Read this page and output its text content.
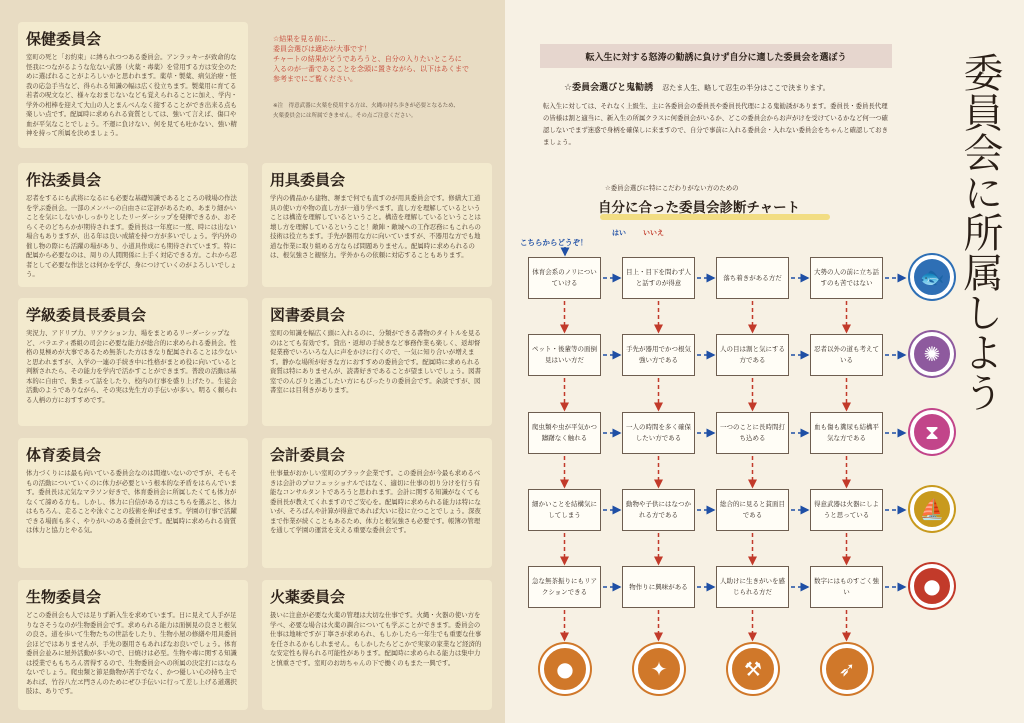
保健委員会

室町の死と「お約束」に縛られつつある委員会。アンラッキーが致命的な怪我につながるような危ない武器（火薬・毒薬）を常用する方は安全のために選ばれることがよろしいかと思われます。薬草・製薬、病気治療・怪我の応急手当など、得られる知識の幅は広く役立ちます。製薬用に育てる若者の呪文など、様々なおまじないなども覚えられることに加え、学内・学外の相棒を迎えて大山の人とまんべんなく接することができ出来る点も楽しい点です。配属時に求められる資質としては、強いて言えば、傷口や血が平気なことでしょう。不運に負けない、何を見ても吐かない、強い精神を持って所属を決めましょう。

作法委員会

忍者をするにも武将になるにも必要な基礎知識であるところの戦場の作法を学ぶ委員会。一部のメンバーの自由さに定評があるため、あまり細かいことを気にしないかしっかりとしたリーダーシップを発揮できるか、おそらくそのどちらかが期待されます。委員長は一年度に一度、時には出ない場合もありますが、出る年は良い成績を持つ方が多いでしょう。学内外の催し物の際にも活躍の場があり、小道具作成にも期待されています。特に配属から必要なのは、周りの人間関係に上手く対応できる方。これから忍者として必要な作法とは何かを学び、身につけていくのがよろしいでしょう。

学級委員長委員会

実況力、アドリブ力、リアクション力、場をまとめるリーダーシップなど、バラエティ番組の司会に必要な能力が総合的に求められる委員会。性格の見極めが大事であるため無茶した方はきなり配属されることは少ないと思われますが、入学の一連の手続き中に性格がまとめ役に向いていると判断されたら、その能力を学内で活かすことができます。普段の活動は基本的に自由で、集まって話をしたり、校内の行事を盛り上げたり。生徒会活動のようでありながら、その実は先生方の手伝いが多い。明るく頼られる人柄の方におすすめです。

体育委員会

体力づくりには最も向いている委員会なのは間違いないのですが、そもそもの活動についていくのに体力が必要という根本的な矛盾をはらんでいます。委員長は元気なマラソン好きで、体育委員会に所属したくても体力がなくて諦める方も。しかし、体力に自信がある方はこちらを選ぶと、体力はもちろん、走ることや泳ぐことの技術を伸ばせます。学園の行事で活躍できる場面も多く、やりがいのある委員会です。配属時に求められる資質は体力と協力とやる気。

生物委員会

どこの委員会も人では足りず新入生を求めています。日に見えて人手が足りなさそうなのが生物委員会です。求められる能力は面倒見の良さと根気の良さ。道を歩いて生物たちの世話をしたり、生物小屋の修繕や用具委員会ほどではありませんが、手先の器用さもあればなお良いでしょう。体育委員会並みに屋外活動が多いので、日焼けは必至。生物や毒に関する知識は授業でももちろん習得するので、生物委員会への所属の決定打にはならないでしょう。爬虫類と節足動物が苦手でなく、かつ優しい心の持ち主であれば、竹谷八左ヱ門さんのためにぜひ手伝いに行って差し上げる道選択肢は、ありです。

用具委員会

学内の備品から建物、塀まで何でも直すのが用具委員会です。修繕大工道具の使い方や物の直し方が一通り学べます。直し方を理解しているということは構造を理解しているということ。構造を理解しているということは壊し方を理解しているということ！敵陣・敵城への工作忍務にもこれらの技術は役立ちます。手先が器用な方に向いていますが、不器用な方でも地道な作業に取り組める方ならば問題ありません。配属時に求められるのは、根気強さと観察力。学外からの依頼に対応することもあります。

図書委員会

室町の知識を幅広く頭に入れるのに、分類ができる書物のタイトルを見るのはとても有効です。貸出・返却の手続きなど事務作業も楽しく、返却督促業務でいろいろな人に声をかけに行くので、一気に知り合いが増えます。静かな場所が好きな方におすすめの委員会です。配属時に求められる資質は特にありませんが、読書好きであることが望ましいでしょう。図書室でのんびりと過ごしたい方にもぴったりの委員会です。余談ですが、図書室には目利きがあります。

会計委員会

仕事量がおかしい室町のブラック企業です。この委員会が今最も求めるべきは会計のプロフェッショナルではなく、適切に仕事の切り分けを行う有能なコンサルタントであろうと思われます。会計に関する知識がなくても委員長が教えてくれますのでご安心を。配属時に求められる能力は特にないが、そろばんや計算が得意であれば大いに役に立つことでしょう。深夜まで作業が続くこともあるため、体力と根気強さも必要です。帳簿の管理を通して学園の運営を支える重要な委員会です。

火薬委員会

扱いに注意が必要な火薬の管理は大切な仕事です。火縄・火器の使い方を学べ、必要な場合は火薬の調合についても学ぶことができます。委員会の仕事は地味ですが丁寧さが求められ、もしかしたら一年生でも重要な仕事を任されるかもしれません。もしかしたらどこかで実家の家業など経済的な安定性も得られる可能性があります。配属時に求められる能力は集中力と慎重さです。室町のお坊ちゃんの下で働くのもまた一興です。

☆結果を見る前に…
委員会選びは適応が大事です！
チャートの結果がどうであろうと、自分の入りたいところに
入るのが一番であることを念頭に置きながら、以下はあくまで
参考までにご覧ください。
※注　得意武器に火薬を使用する方は、火縄の持ち歩きが必要となるため、
火薬委員会には所属できません。その点ご注意ください。
転入生に対する怒涛の勧誘に負けず自分に適した委員会を選ぼう
☆委員会選びと鬼勧誘 忍たま人生、略して忍生の半分はここで決まります。
転入生に対しては、それなく上級生、主に各委員会の委員長や委員長代理による鬼勧誘があります。委員長・委員長代理の皆様は割と適当に、新入生の所属クラスに何委員会がいるか、どこの委員会からお声がけを受けているかなど何一つ確認しないでまず迷惑で身柄を確保しに来ますので、自分で事前に入れる委員会・入れない委員会をちゃんと確認しておきましょう。
☆委員会選びに特にこだわりがない方のための
自分に合った委員会診断チャート	委員会に所属しよう
こちらからどうぞ！
はい いいえ
体育会系のノリについていける
目上・目下を問わず人と話すのが得意
落ち着きがある方だ
大勢の人の前に立ち話すのも苦ではない
ペット・後輩等の面倒見はいい方だ
手先が器用でかつ根気強い方である
人の目は割と気にする方である
忍者以外の道も考えている
爬虫類や虫が平気かつ躊躇なく触れる
一人の時間を多く確保したい方である
一つのことに長時間打ち込める
血も傷も糞尿も結構平気な方である
細かいことを結構気にしてしまう
動物や子供にはなつかれる方である
総合的に見ると貧面目である
得意武器は火器にしようと思っている
急な無茶振りにもリアクションできる
物作りに興味がある
人助けに生きがいを感じられる方だ
数字にはものすごく強い
🐟
✺
⧗
⛵
●
●	✦	⚒	➶
